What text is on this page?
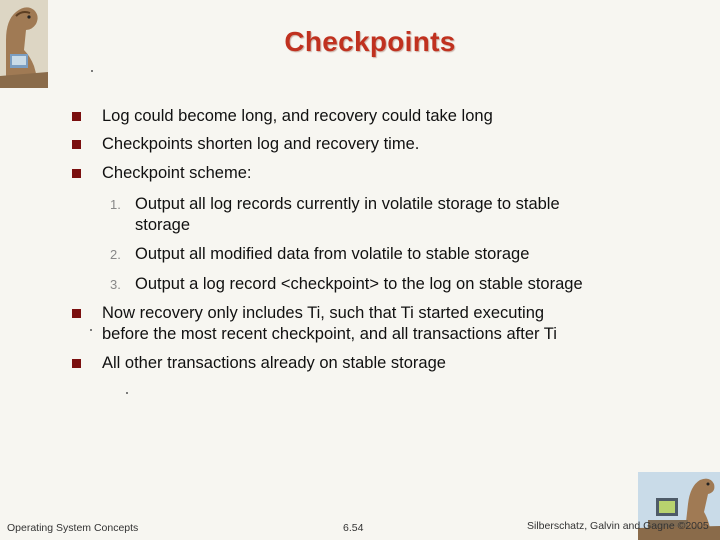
Checkpoints
Log could become long, and recovery could take long
Checkpoints shorten log and recovery time.
Checkpoint scheme:
1. Output all log records currently in volatile storage to stable
storage
2. Output all modified data from volatile to stable storage
3. Output a log record <checkpoint> to the log on stable storage
Now recovery only includes Ti, such that Ti started executing
before the most recent checkpoint, and all transactions after Ti
All other transactions already on stable storage
Operating System Concepts	6.54	Silberschatz, Galvin and Gagne ©2005
